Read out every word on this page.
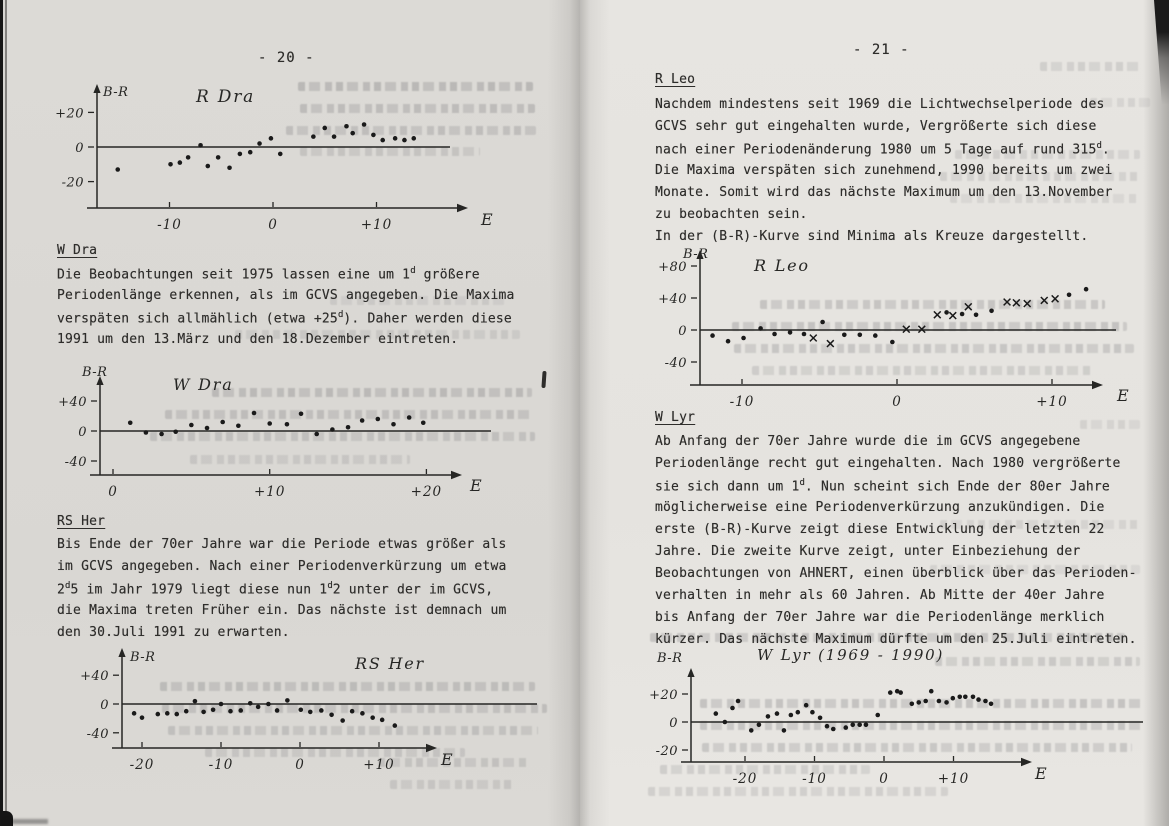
- 20 -	- 21 -
W Dra
Die Beobachtungen seit 1975 lassen eine um 1$^d$ größere
Periodenlänge erkennen, als im GCVS angegeben. Die Maxima
verspäten sich allmählich (etwa $+25^d$). Daher werden diese
1991 um den 13.März und den 18.Dezember eintreten.
RS Her
Bis Ende der 70er Jahre war die Periode etwas größer als
im GCVS angegeben. Nach einer Periodenverkürzung um etwa
2$^d$5 im Jahr 1979 liegt diese nun 1$^d$2 unter der im GCVS,
die Maxima treten Früher ein. Das nächste ist demnach um
den 30.Juli 1991 zu erwarten.
R Leo
Nachdem mindestens seit 1969 die Lichtwechselperiode des
GCVS sehr gut eingehalten wurde, Vergrößerte sich diese
nach einer Periodenänderung 1980 um 5 Tage auf rund 315$^d$.
Die Maxima verspäten sich zunehmend, 1990 bereits um zwei
Monate. Somit wird das nächste Maximum um den 13.November
zu beobachten sein.
In der (B-R)-Kurve sind Minima als Kreuze dargestellt.
W Lyr
Ab Anfang der 70er Jahre wurde die im GCVS angegebene
Periodenlänge recht gut eingehalten. Nach 1980 vergrößerte
sie sich dann um 1$^d$. Nun scheint sich Ende der 80er Jahre
möglicherweise eine Periodenverkürzung anzukündigen. Die
erste (B-R)-Kurve zeigt diese Entwicklung der letzten 22
Jahre. Die zweite Kurve zeigt, unter Einbeziehung der
Beobachtungen von AHNERT, einen überblick über das Perioden-
verhalten in mehr als 60 Jahren. Ab Mitte der 40er Jahre
bis Anfang der 70er Jahre war die Periodenlänge merklich
kürzer. Das nächste Maximum dürfte um den 25.Juli eintreten.
+20
0
-20
-10	0	+10
B-R
E
R Dra
+40
0
-40
0	+10	+20
B-R
E
W Dra
+40
0
-40
-20	-10	0	+10
B-R
E
RS Her
+80
+40
0
-40
-10	0	+10
B-R
E
R Leo
+20
0
-20
-20	-10	0	+10
B-R
E
W Lyr (1969 - 1990)
